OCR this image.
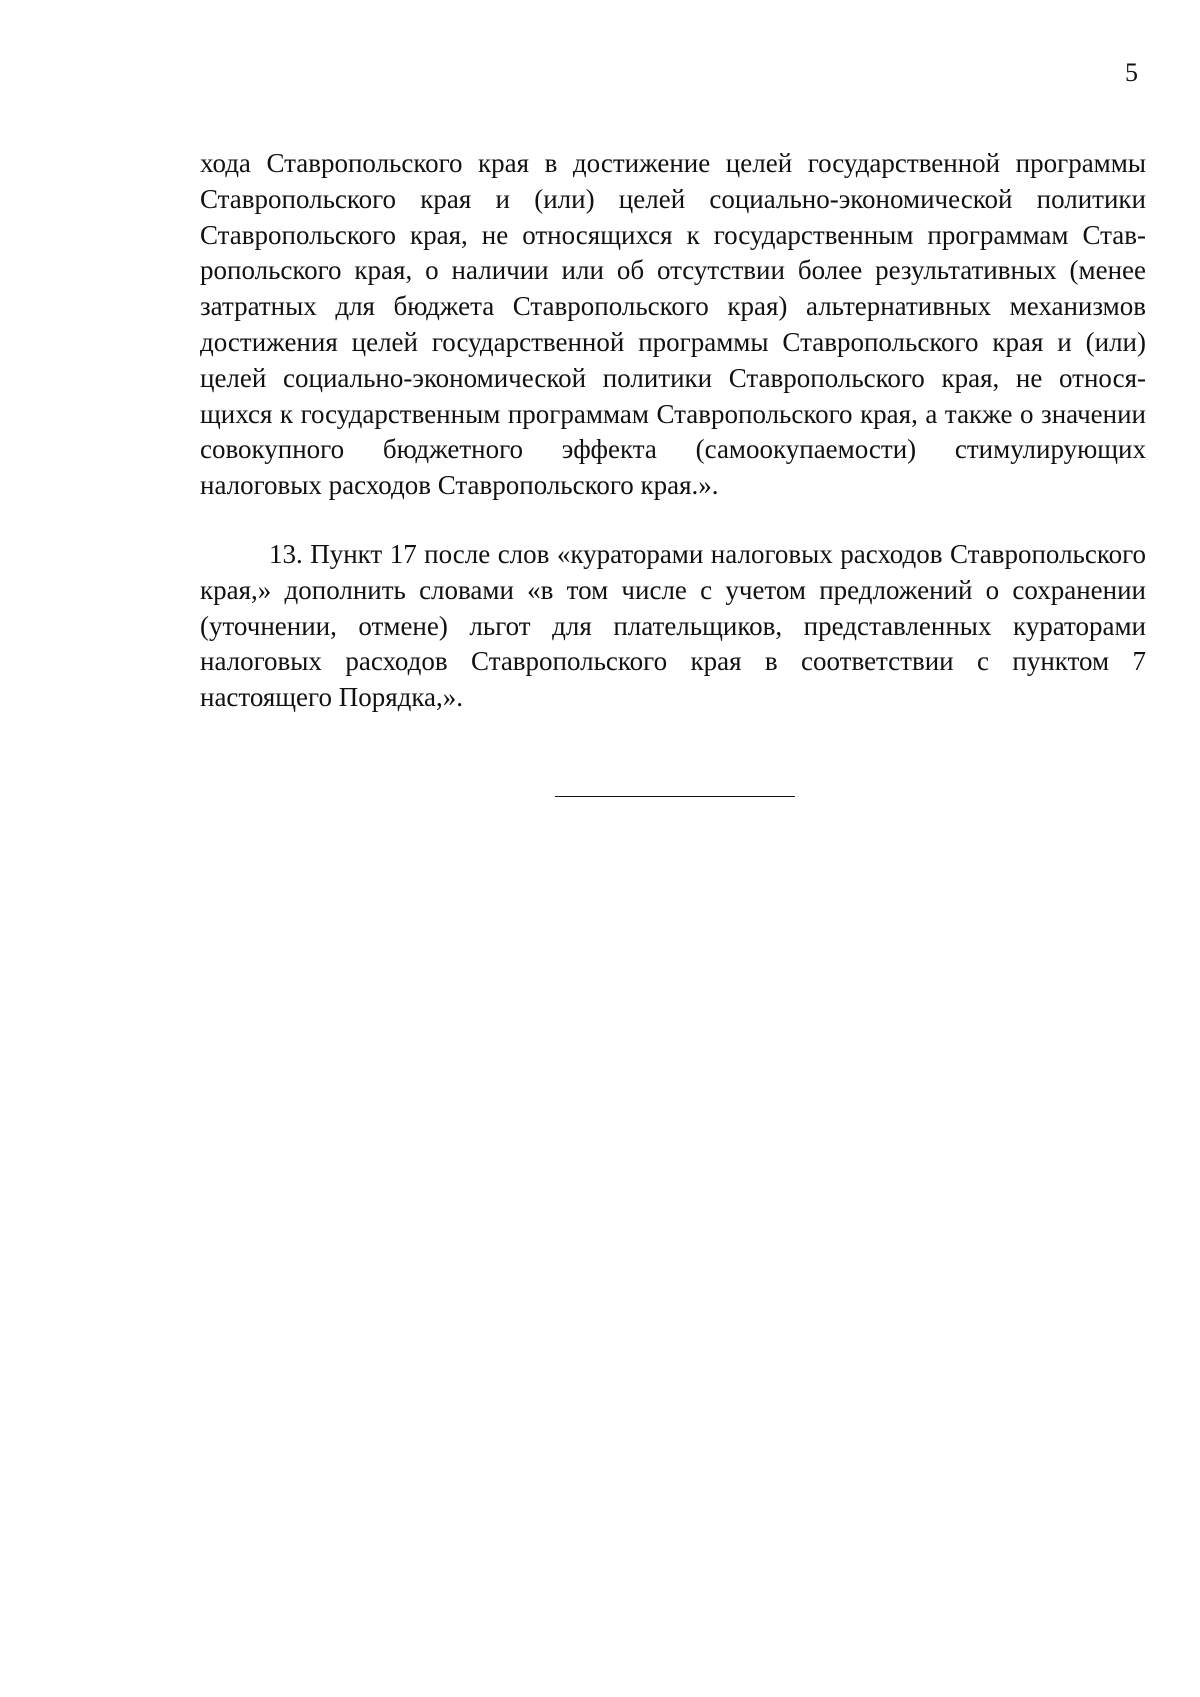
5

хода Ставропольского края в достижение целей государственной программы Ставропольского края и (или) целей социально-экономической политики Ставропольского края, не относящихся к государственным программам Ставропольского края, о наличии или об отсутствии более результативных (менее затратных для бюджета Ставропольского края) альтернативных механизмов достижения целей государственной программы Ставропольского края и (или) целей социально-экономической политики Ставропольского края, не относящихся к государственным программам Ставропольского края, а также о значении совокупного бюджетного эффекта (самоокупаемости) стимулирующих налоговых расходов Ставропольского края.».

13. Пункт 17 после слов «кураторами налоговых расходов Ставропольского края,» дополнить словами «в том числе с учетом предложений о сохранении (уточнении, отмене) льгот для плательщиков, представленных кураторами налоговых расходов Ставропольского края в соответствии с пунктом 7 настоящего Порядка,».
